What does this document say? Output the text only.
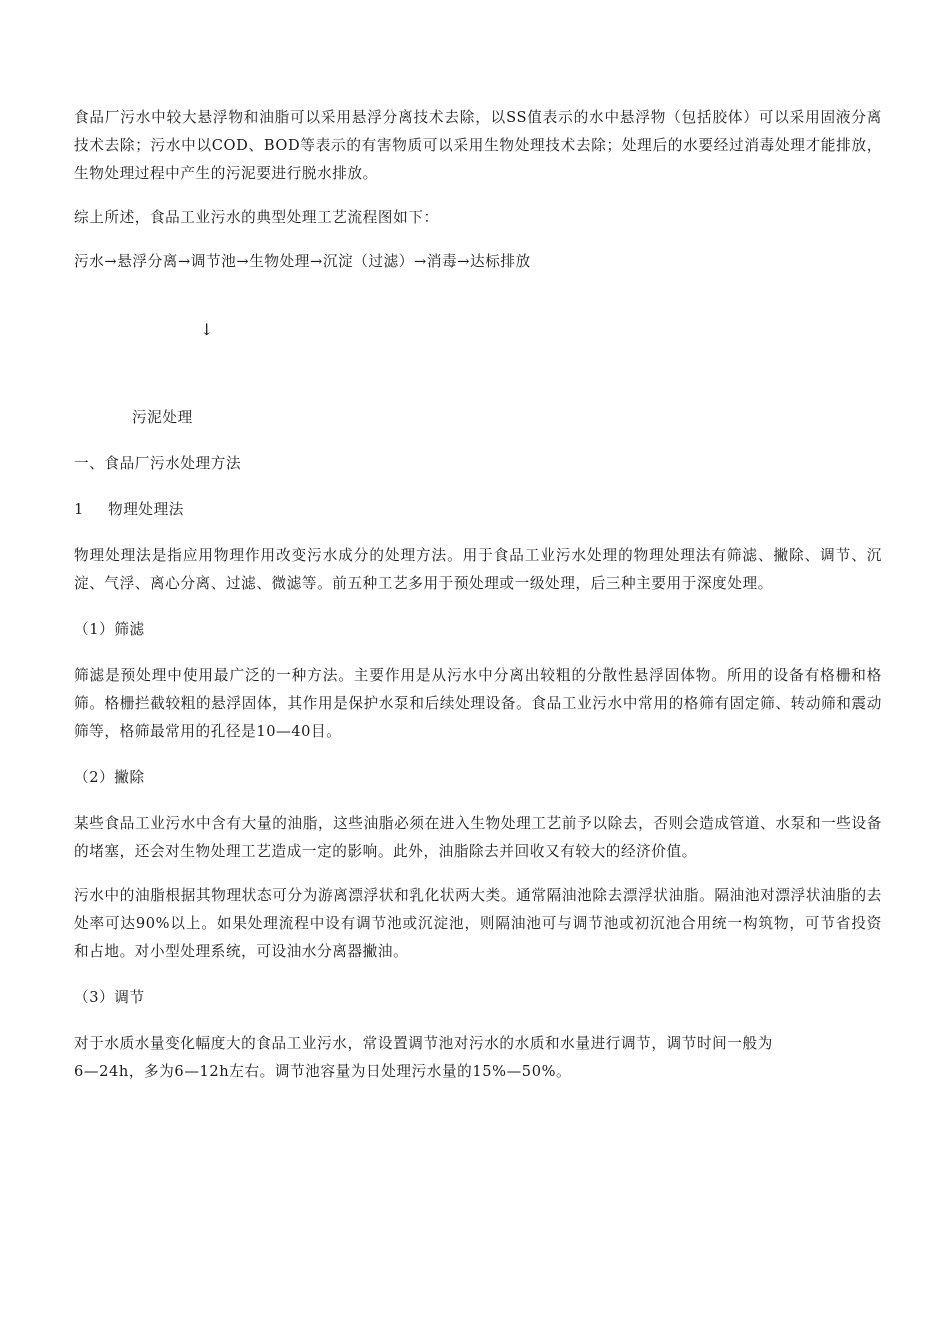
食品厂污水中较大悬浮物和油脂可以采用悬浮分离技术去除，以SS值表示的水中悬浮物（包括胶体）可以采用固液分离技术去除；污水中以COD、BOD等表示的有害物质可以采用生物处理技术去除；处理后的水要经过消毒处理才能排放，生物处理过程中产生的污泥要进行脱水排放。

综上所述，食品工业污水的典型处理工艺流程图如下：

污水→悬浮分离→调节池→生物处理→沉淀（过滤）→消毒→达标排放

↓

污泥处理

一、食品厂污水处理方法

1 物理处理法

物理处理法是指应用物理作用改变污水成分的处理方法。用于食品工业污水处理的物理处理法有筛滤、撇除、调节、沉淀、气浮、离心分离、过滤、微滤等。前五种工艺多用于预处理或一级处理，后三种主要用于深度处理。

（1）筛滤

筛滤是预处理中使用最广泛的一种方法。主要作用是从污水中分离出较粗的分散性悬浮固体物。所用的设备有格栅和格筛。格栅拦截较粗的悬浮固体，其作用是保护水泵和后续处理设备。食品工业污水中常用的格筛有固定筛、转动筛和震动筛等，格筛最常用的孔径是10—40目。

（2）撇除

某些食品工业污水中含有大量的油脂，这些油脂必须在进入生物处理工艺前予以除去，否则会造成管道、水泵和一些设备的堵塞，还会对生物处理工艺造成一定的影响。此外，油脂除去并回收又有较大的经济价值。

污水中的油脂根据其物理状态可分为游离漂浮状和乳化状两大类。通常隔油池除去漂浮状油脂。隔油池对漂浮状油脂的去处率可达90%以上。如果处理流程中设有调节池或沉淀池，则隔油池可与调节池或初沉池合用统一构筑物，可节省投资和占地。对小型处理系统，可设油水分离器撇油。

（3）调节

对于水质水量变化幅度大的食品工业污水，常设置调节池对污水的水质和水量进行调节，调节时间一般为

6—24h，多为6—12h左右。调节池容量为日处理污水量的15%—50%。
